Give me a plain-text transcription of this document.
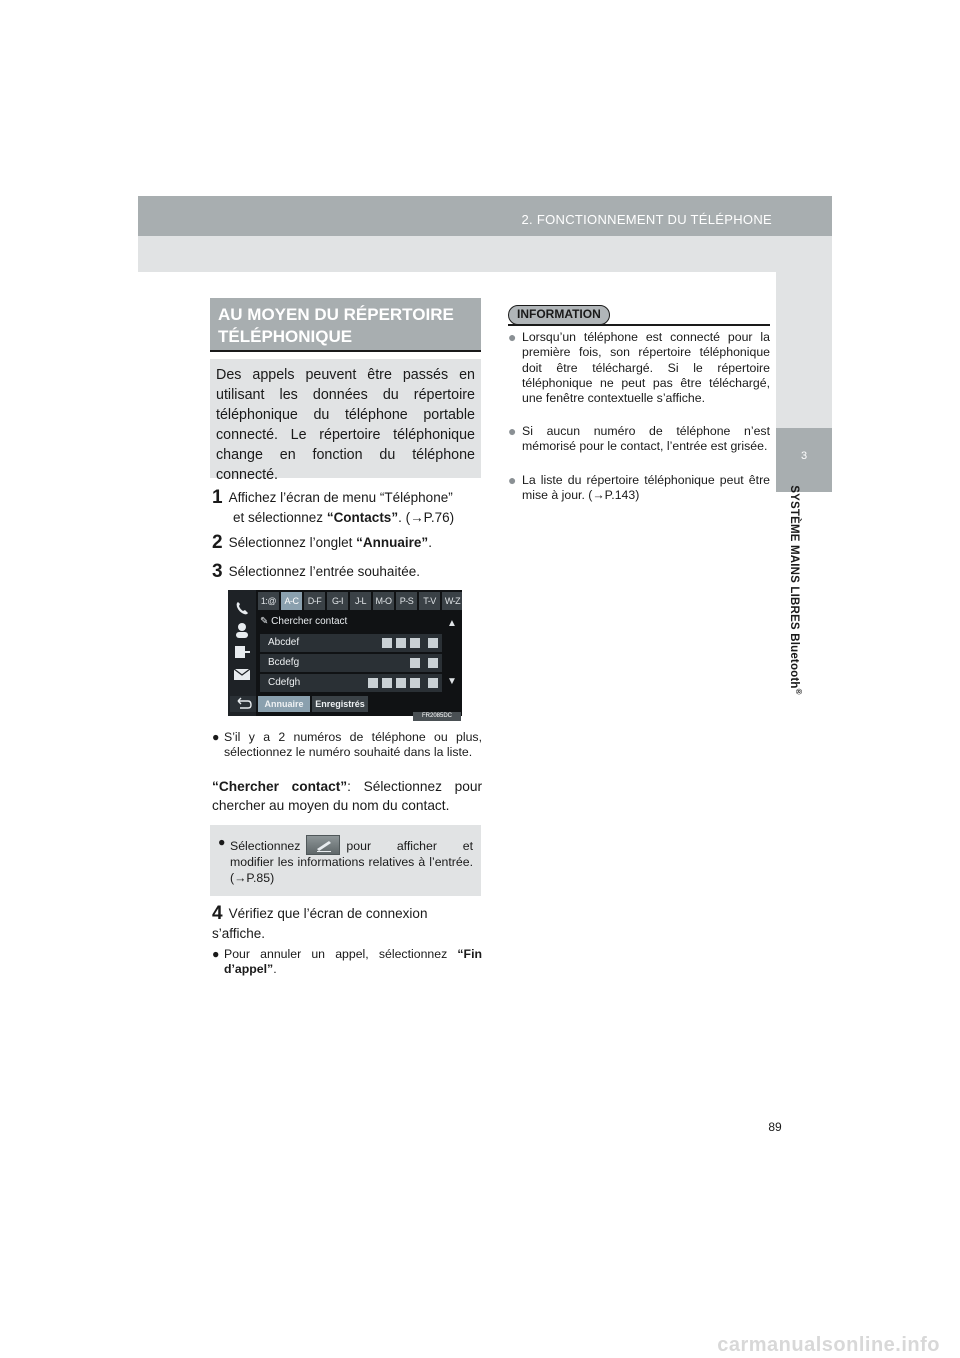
2. FONCTIONNEMENT DU TÉLÉPHONE
3
SYSTÈME MAINS LIBRES Bluetooth®
AU MOYEN DU RÉPERTOIRE
TÉLÉPHONIQUE
Des appels peuvent être passés en utilisant les données du répertoire téléphonique du téléphone portable connecté. Le répertoire téléphonique change en fonction du téléphone connecté.
1 Affichez l’écran de menu “Téléphone”
et sélectionnez “Contacts”. (→P.76)
2 Sélectionnez l’onglet “Annuaire”.
3 Sélectionnez l’entrée souhaitée.
1:@ A-C	D-F	G-I	J-L	M-O P-S	T-V	W-Z
✎ Chercher contact
Abcdef
Bcdefg
Cdefgh
▲
▼
Annuaire	Enregistrés
FR2085DC
● S’il y a 2 numéros de téléphone ou plus, sélectionnez le numéro souhaité dans la liste.
“Chercher contact”: Sélectionnez pour chercher au moyen du nom du contact.
● Sélectionnez	pour afficher et modifier les informations relatives à l’entrée. (→P.85)
4 Vérifiez que l’écran de connexion s’affiche.
● Pour annuler un appel, sélectionnez “Fin d’appel”.
INFORMATION
● Lorsqu’un téléphone est connecté pour la première fois, son répertoire téléphonique doit être téléchargé. Si le répertoire téléphonique ne peut pas être téléchargé, une fenêtre contextuelle s’affiche.
● Si aucun numéro de téléphone n’est mémorisé pour le contact, l’entrée est grisée.
● La liste du répertoire téléphonique peut être mise à jour. (→P.143)
89
carmanualsonline.info
